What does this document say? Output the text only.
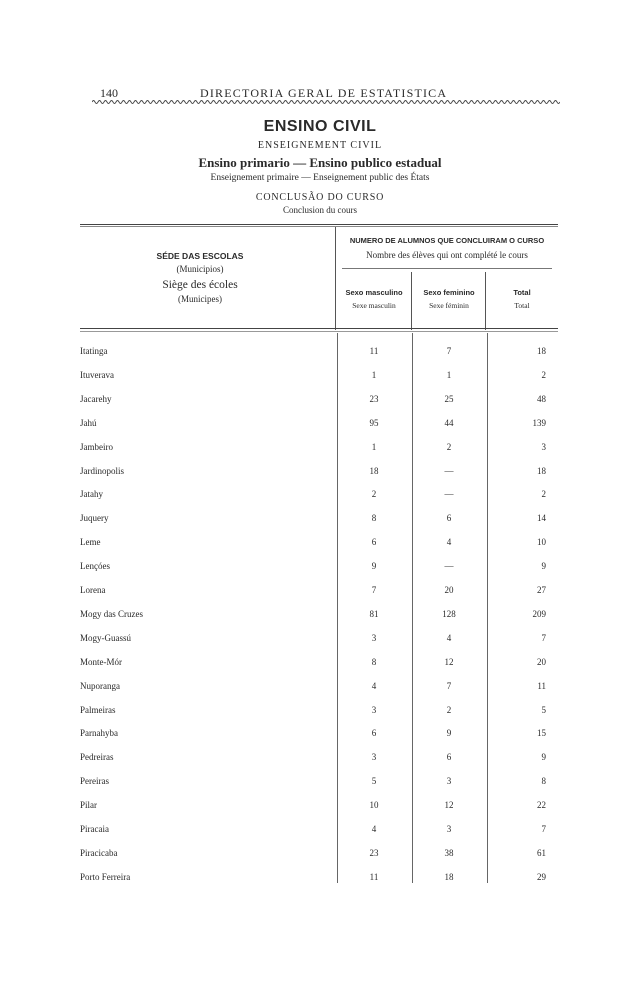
140	DIRECTORIA GERAL DE ESTATISTICA
ENSINO CIVIL
ENSEIGNEMENT CIVIL
Ensino primario — Ensino publico estadual
Enseignement primaire — Enseignement public des États
CONCLUSÃO DO CURSO
Conclusion du cours
SÉDE DAS ESCOLAS
(Municipios)
Siège des écoles
(Municipes)
NUMERO DE ALUMNOS QUE CONCLUIRAM O CURSO
Nombre des élèves qui ont complété le cours
Sexo masculino
Sexe masculin
Sexo feminino
Sexe féminin
Total
Total
Itatinga	11	7	18
Ituverava	1	1	2
Jacarehy	23	25	48
Jahú	95	44	139
Jambeiro	1	2	3
Jardinopolis	18	—	18
Jatahy	2	—	2
Juquery	8	6	14
Leme	6	4	10
Lençóes	9	—	9
Lorena	7	20	27
Mogy das Cruzes	81	128	209
Mogy-Guassú	3	4	7
Monte-Mór	8	12	20
Nuporanga	4	7	11
Palmeiras	3	2	5
Parnahyba	6	9	15
Pedreiras	3	6	9
Pereiras	5	3	8
Pilar	10	12	22
Piracaia	4	3	7
Piracicaba	23	38	61
Porto Ferreira	11	18	29
